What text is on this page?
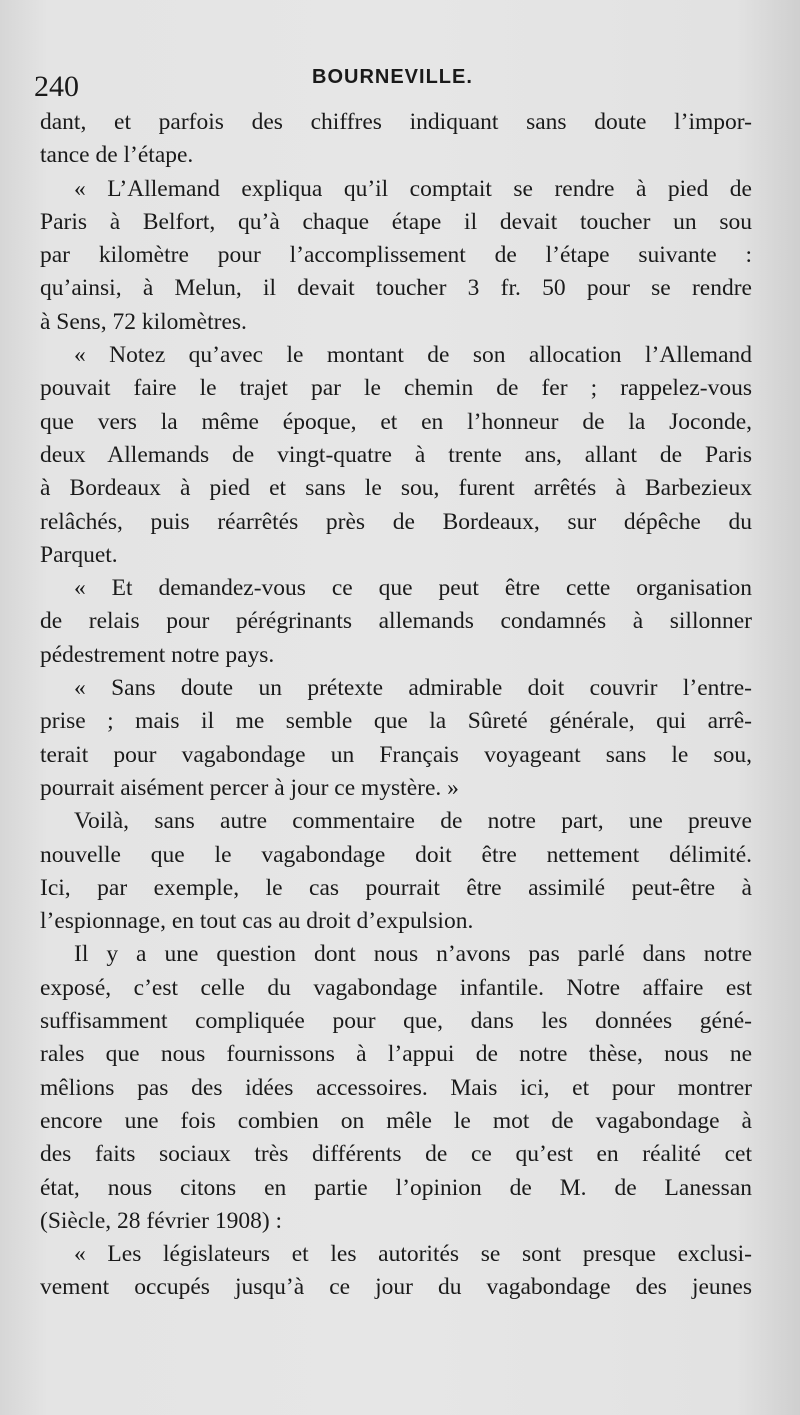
240	BOURNEVILLE.

dant, et parfois des chiffres indiquant sans doute l’impor-
tance de l’étape.

« L’Allemand expliqua qu’il comptait se rendre à pied de
Paris à Belfort, qu’à chaque étape il devait toucher un sou
par kilomètre pour l’accomplissement de l’étape suivante :
qu’ainsi, à Melun, il devait toucher 3 fr. 50 pour se rendre
à Sens, 72 kilomètres.

« Notez qu’avec le montant de son allocation l’Allemand
pouvait faire le trajet par le chemin de fer ; rappelez-vous
que vers la même époque, et en l’honneur de la Joconde,
deux Allemands de vingt-quatre à trente ans, allant de Paris
à Bordeaux à pied et sans le sou, furent arrêtés à Barbezieux
relâchés, puis réarrêtés près de Bordeaux, sur dépêche du
Parquet.

« Et demandez-vous ce que peut être cette organisation
de relais pour pérégrinants allemands condamnés à sillonner
pédestrement notre pays.

« Sans doute un prétexte admirable doit couvrir l’entre-
prise ; mais il me semble que la Sûreté générale, qui arrê-
terait pour vagabondage un Français voyageant sans le sou,
pourrait aisément percer à jour ce mystère. »

Voilà, sans autre commentaire de notre part, une preuve
nouvelle que le vagabondage doit être nettement délimité.
Ici, par exemple, le cas pourrait être assimilé peut-être à
l’espionnage, en tout cas au droit d’expulsion.

Il y a une question dont nous n’avons pas parlé dans notre
exposé, c’est celle du vagabondage infantile. Notre affaire est
suffisamment compliquée pour que, dans les données géné-
rales que nous fournissons à l’appui de notre thèse, nous ne
mêlions pas des idées accessoires. Mais ici, et pour montrer
encore une fois combien on mêle le mot de vagabondage à
des faits sociaux très différents de ce qu’est en réalité cet
état, nous citons en partie l’opinion de M. de Lanessan
(Siècle, 28 février 1908) :

« Les législateurs et les autorités se sont presque exclusi-
vement occupés jusqu’à ce jour du vagabondage des jeunes
